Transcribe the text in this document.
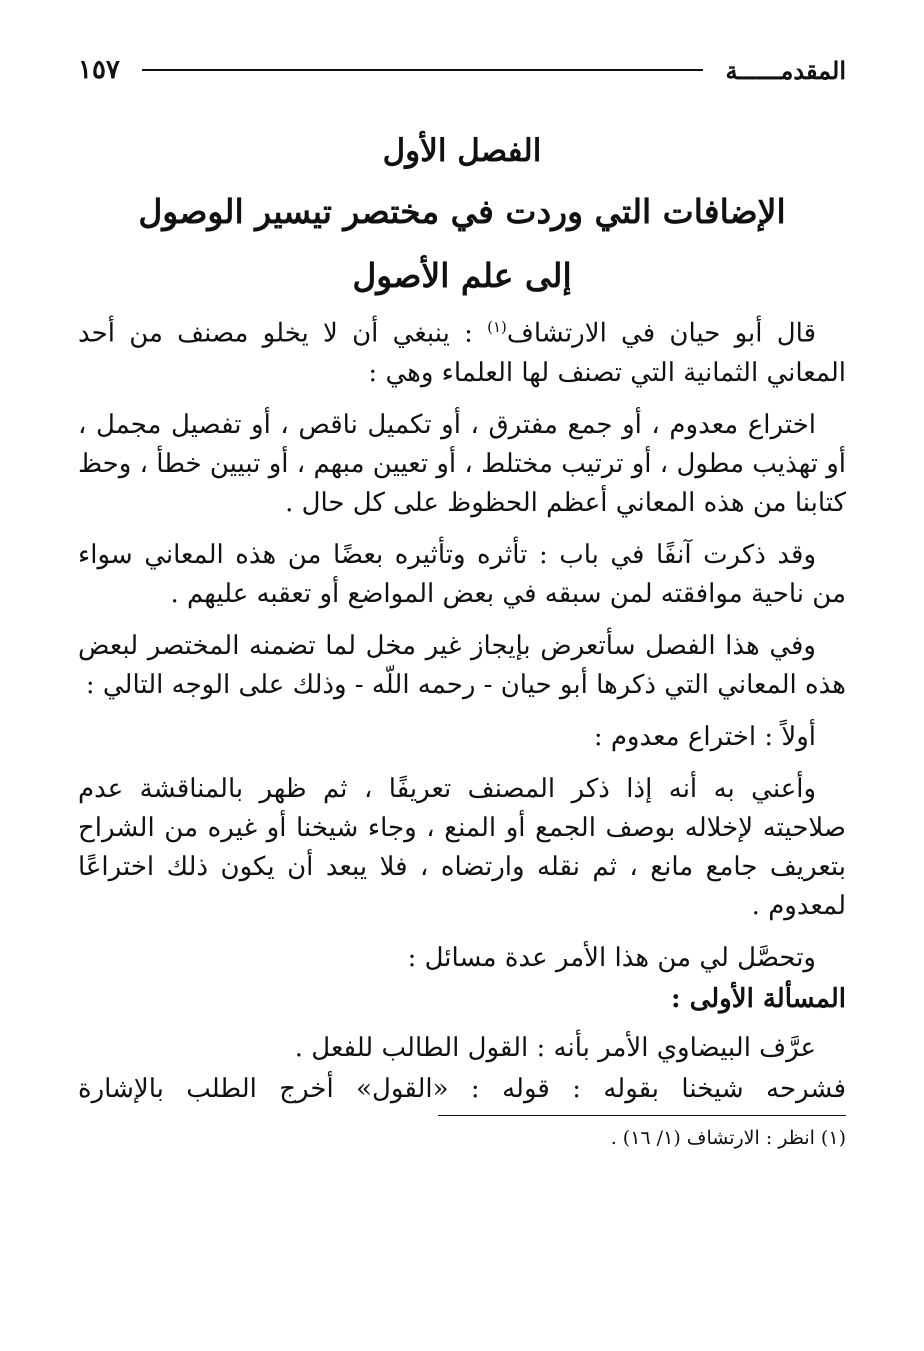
المقدمــــــة
١٥٧

الفصل الأول

الإضافات التي وردت في مختصر تيسير الوصول

إلى علم الأصول

قال أبو حيان في الارتشاف$^{(١)}$ : ينبغي أن لا يخلو مصنف من أحد المعاني الثمانية التي تصنف لها العلماء وهي :

اختراع معدوم ، أو جمع مفترق ، أو تكميل ناقص ، أو تفصيل مجمل ، أو تهذيب مطول ، أو ترتيب مختلط ، أو تعيين مبهم ، أو تبيين خطأ ، وحظ كتابنا من هذه المعاني أعظم الحظوظ على كل حال .

وقد ذكرت آنفًا في باب : تأثره وتأثيره بعضًا من هذه المعاني سواء من ناحية موافقته لمن سبقه في بعض المواضع أو تعقبه عليهم .

وفي هذا الفصل سأتعرض بإيجاز غير مخل لما تضمنه المختصر لبعض هذه المعاني التي ذكرها أبو حيان - رحمه اللّه - وذلك على الوجه التالي :

أولاً : اختراع معدوم :

وأعني به أنه إذا ذكر المصنف تعريفًا ، ثم ظهر بالمناقشة عدم صلاحيته لإخلاله بوصف الجمع أو المنع ، وجاء شيخنا أو غيره من الشراح بتعريف جامع مانع ، ثم نقله وارتضاه ، فلا يبعد أن يكون ذلك اختراعًا لمعدوم .

وتحصَّل لي من هذا الأمر عدة مسائل :

المسألة الأولى :

عرَّف البيضاوي الأمر بأنه : القول الطالب للفعل .

فشرحه شيخنا بقوله : قوله : «القول» أخرج الطلب بالإشارة

(١) انظر : الارتشاف (١/ ١٦) .
